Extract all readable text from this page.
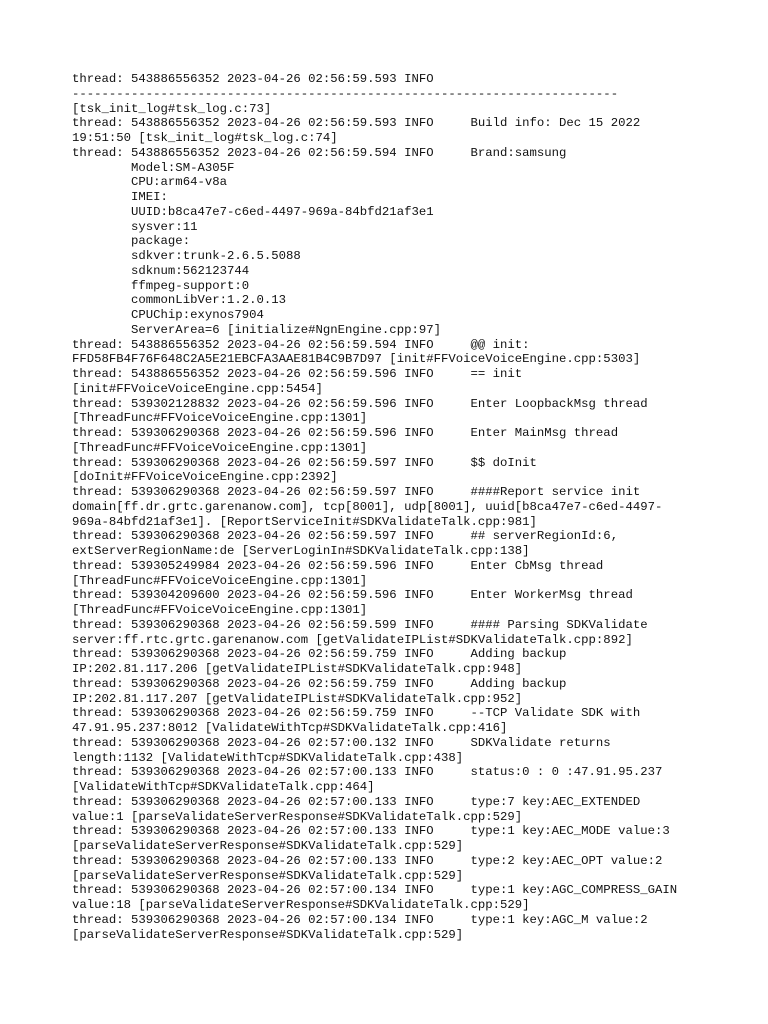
thread: 543886556352 2023-04-26 02:56:59.593 INFO
--------------------------------------------------------------------------
[tsk_init_log#tsk_log.c:73]
thread: 543886556352 2023-04-26 02:56:59.593 INFO     Build info: Dec 15 2022
19:51:50 [tsk_init_log#tsk_log.c:74]
thread: 543886556352 2023-04-26 02:56:59.594 INFO     Brand:samsung
Model:SM-A305F
CPU:arm64-v8a
IMEI:
UUID:b8ca47e7-c6ed-4497-969a-84bfd21af3e1
sysver:11
package:
sdkver:trunk-2.6.5.5088
sdknum:562123744
ffmpeg-support:0
commonLibVer:1.2.0.13
CPUChip:exynos7904
ServerArea=6 [initialize#NgnEngine.cpp:97]
thread: 543886556352 2023-04-26 02:56:59.594 INFO     @@ init:
FFD58FB4F76F648C2A5E21EBCFA3AAE81B4C9B7D97 [init#FFVoiceVoiceEngine.cpp:5303]
thread: 543886556352 2023-04-26 02:56:59.596 INFO     == init
[init#FFVoiceVoiceEngine.cpp:5454]
thread: 539302128832 2023-04-26 02:56:59.596 INFO     Enter LoopbackMsg thread
[ThreadFunc#FFVoiceVoiceEngine.cpp:1301]
thread: 539306290368 2023-04-26 02:56:59.596 INFO     Enter MainMsg thread
[ThreadFunc#FFVoiceVoiceEngine.cpp:1301]
thread: 539306290368 2023-04-26 02:56:59.597 INFO     $$ doInit
[doInit#FFVoiceVoiceEngine.cpp:2392]
thread: 539306290368 2023-04-26 02:56:59.597 INFO     ####Report service init
domain[ff.dr.grtc.garenanow.com], tcp[8001], udp[8001], uuid[b8ca47e7-c6ed-4497-
969a-84bfd21af3e1]. [ReportServiceInit#SDKValidateTalk.cpp:981]
thread: 539306290368 2023-04-26 02:56:59.597 INFO     ## serverRegionId:6,
extServerRegionName:de [ServerLoginIn#SDKValidateTalk.cpp:138]
thread: 539305249984 2023-04-26 02:56:59.596 INFO     Enter CbMsg thread
[ThreadFunc#FFVoiceVoiceEngine.cpp:1301]
thread: 539304209600 2023-04-26 02:56:59.596 INFO     Enter WorkerMsg thread
[ThreadFunc#FFVoiceVoiceEngine.cpp:1301]
thread: 539306290368 2023-04-26 02:56:59.599 INFO     #### Parsing SDKValidate
server:ff.rtc.grtc.garenanow.com [getValidateIPList#SDKValidateTalk.cpp:892]
thread: 539306290368 2023-04-26 02:56:59.759 INFO     Adding backup
IP:202.81.117.206 [getValidateIPList#SDKValidateTalk.cpp:948]
thread: 539306290368 2023-04-26 02:56:59.759 INFO     Adding backup
IP:202.81.117.207 [getValidateIPList#SDKValidateTalk.cpp:952]
thread: 539306290368 2023-04-26 02:56:59.759 INFO     --TCP Validate SDK with
47.91.95.237:8012 [ValidateWithTcp#SDKValidateTalk.cpp:416]
thread: 539306290368 2023-04-26 02:57:00.132 INFO     SDKValidate returns
length:1132 [ValidateWithTcp#SDKValidateTalk.cpp:438]
thread: 539306290368 2023-04-26 02:57:00.133 INFO     status:0 : 0 :47.91.95.237
[ValidateWithTcp#SDKValidateTalk.cpp:464]
thread: 539306290368 2023-04-26 02:57:00.133 INFO     type:7 key:AEC_EXTENDED
value:1 [parseValidateServerResponse#SDKValidateTalk.cpp:529]
thread: 539306290368 2023-04-26 02:57:00.133 INFO     type:1 key:AEC_MODE value:3
[parseValidateServerResponse#SDKValidateTalk.cpp:529]
thread: 539306290368 2023-04-26 02:57:00.133 INFO     type:2 key:AEC_OPT value:2
[parseValidateServerResponse#SDKValidateTalk.cpp:529]
thread: 539306290368 2023-04-26 02:57:00.134 INFO     type:1 key:AGC_COMPRESS_GAIN
value:18 [parseValidateServerResponse#SDKValidateTalk.cpp:529]
thread: 539306290368 2023-04-26 02:57:00.134 INFO     type:1 key:AGC_M value:2
[parseValidateServerResponse#SDKValidateTalk.cpp:529]
